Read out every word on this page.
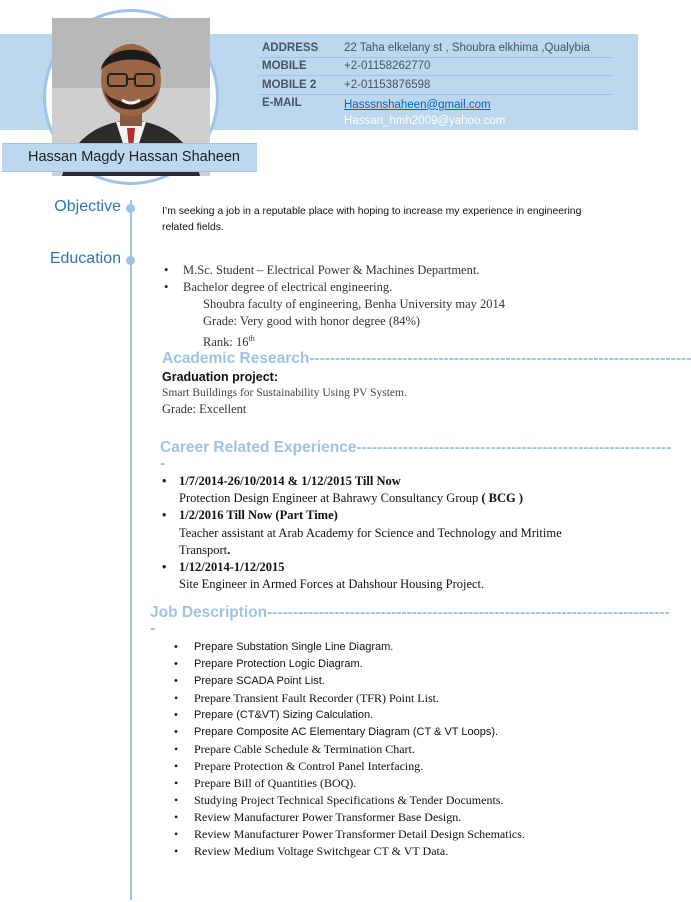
ADDRESS	22 Taha elkelany st , Shoubra elkhima ,Qualybia
MOBILE	+2-01158262770
MOBILE 2	+2-01153876598
E-MAIL	Hasssnshaheen@gmail.com
Hassan_hmh2009@yahoo.com
Hassan Magdy Hassan Shaheen
Objective	I’m seeking a job in a reputable place with hoping to increase my experience in engineering related fields.
Education
• M.Sc. Student – Electrical Power & Machines Department.
• Bachelor degree of electrical engineering.
Shoubra faculty of engineering, Benha University may 2014
Grade: Very good with honor degree (84%)
Rank: 16th
Academic Research--------------------------------------------------------------------------
Graduation project:
Smart Buildings for Sustainability Using PV System.
Grade: Excellent
Career Related Experience-------------------------------------------------------------
-
• 1/7/2014-26/10/2014 & 1/12/2015 Till Now
Protection Design Engineer at Bahrawy Consultancy Group ( BCG )
• 1/2/2016 Till Now (Part Time)
Teacher assistant at Arab Academy for Science and Technology and Mritime Transport.
• 1/12/2014-1/12/2015
Site Engineer in Armed Forces at Dahshour Housing Project.
Job Description------------------------------------------------------------------------------
-
• Prepare Substation Single Line Diagram.
• Prepare Protection Logic Diagram.
• Prepare SCADA Point List.
• Prepare Transient Fault Recorder (TFR) Point List.
• Prepare (CT&VT) Sizing Calculation.
• Prepare Composite AC Elementary Diagram (CT & VT Loops).
• Prepare Cable Schedule & Termination Chart.
• Prepare Protection & Control Panel Interfacing.
• Prepare Bill of Quantities (BOQ).
• Studying Project Technical Specifications & Tender Documents.
• Review Manufacturer Power Transformer Base Design.
• Review Manufacturer Power Transformer Detail Design Schematics.
• Review Medium Voltage Switchgear CT & VT Data.
